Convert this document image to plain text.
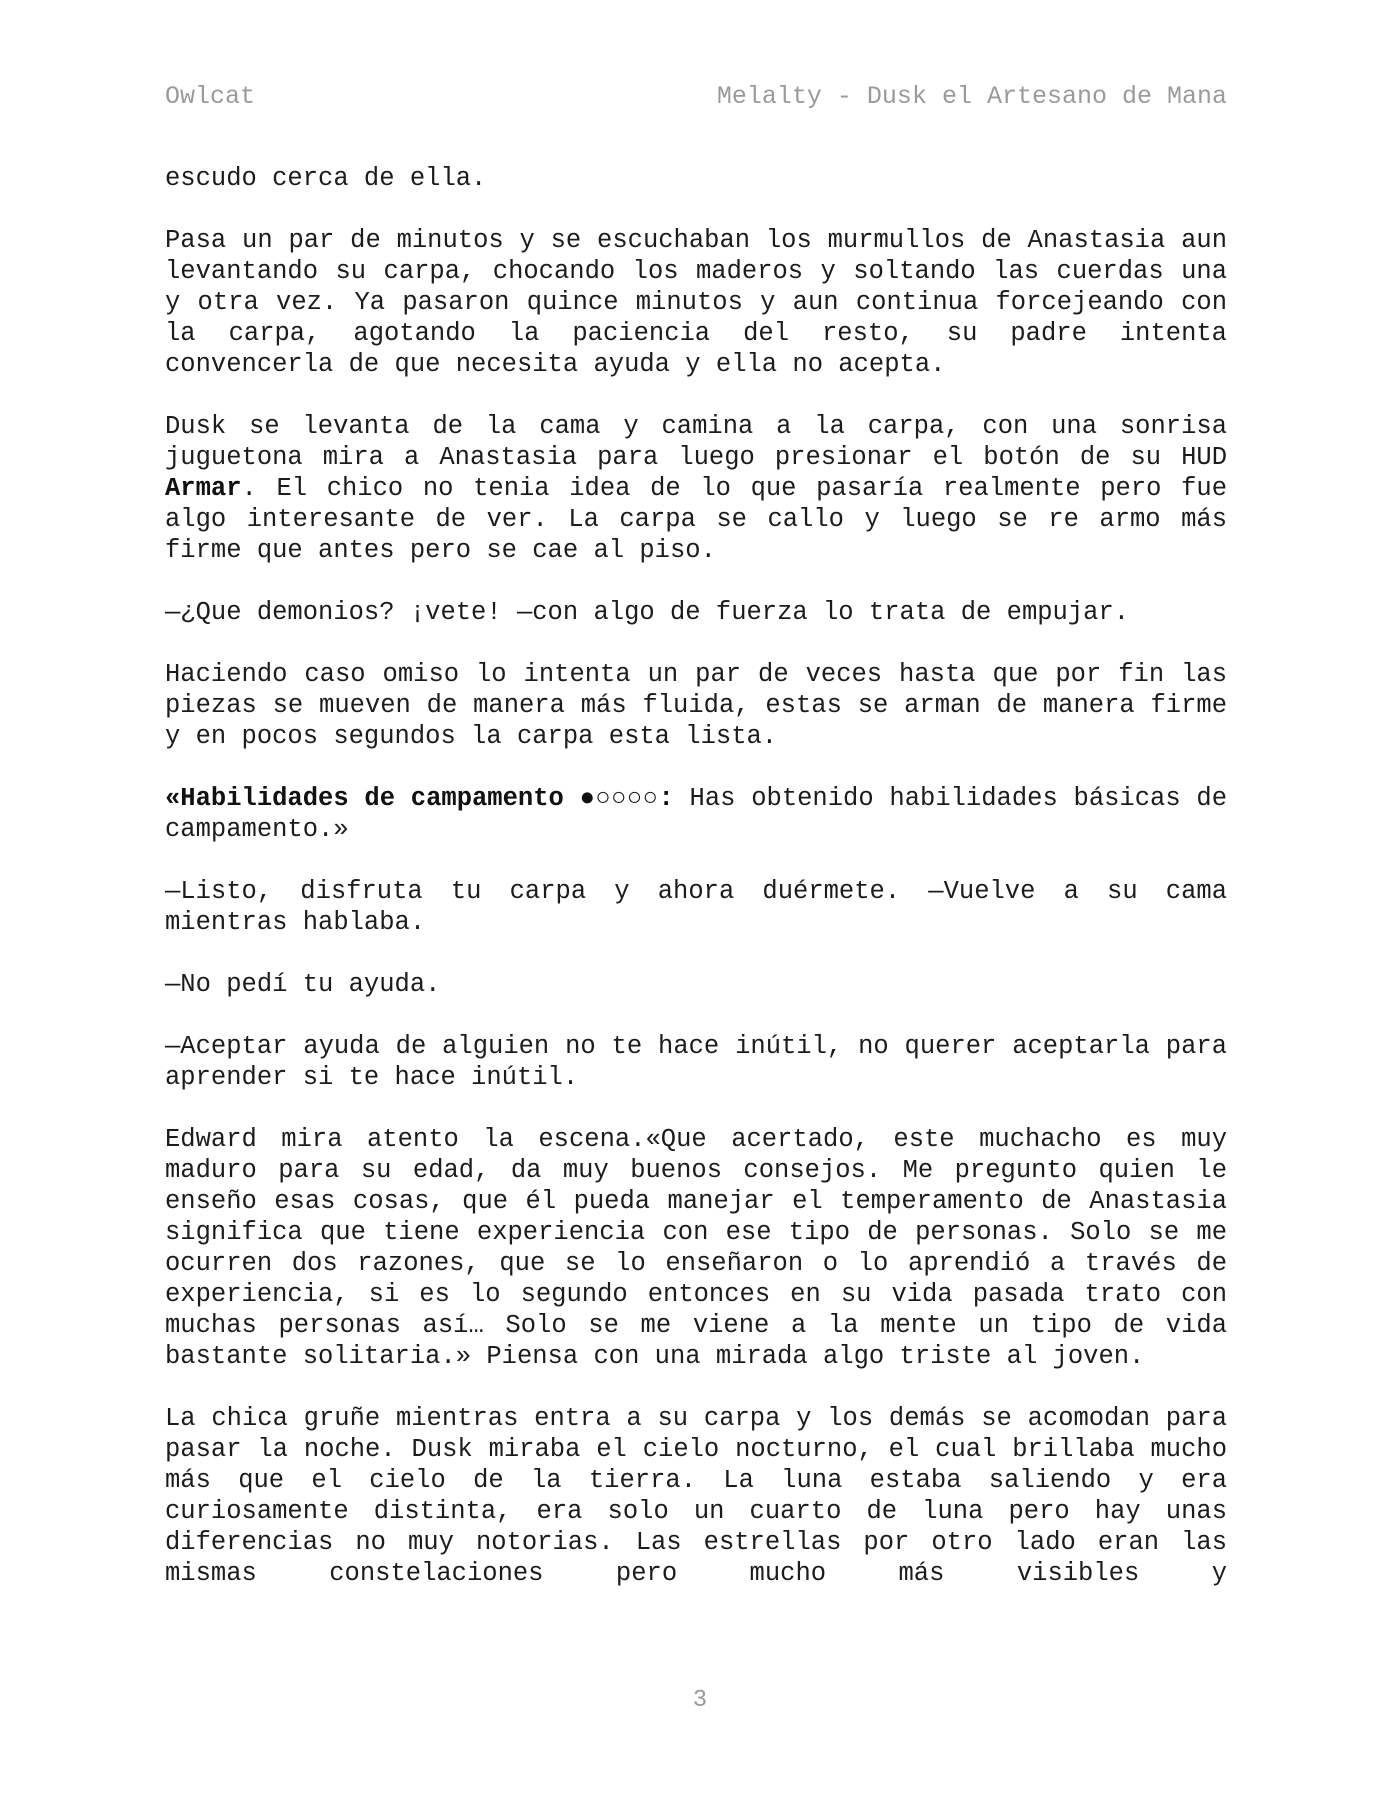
Owlcat	Melalty - Dusk el Artesano de Mana

escudo cerca de ella.

Pasa un par de minutos y se escuchaban los murmullos de Anastasia aun levantando su carpa, chocando los maderos y soltando las cuerdas una y otra vez. Ya pasaron quince minutos y aun continua forcejeando con la carpa, agotando la paciencia del resto, su padre intenta convencerla de que necesita ayuda y ella no acepta.

Dusk se levanta de la cama y camina a la carpa, con una sonrisa juguetona mira a Anastasia para luego presionar el botón de su HUD Armar. El chico no tenia idea de lo que pasaría realmente pero fue algo interesante de ver. La carpa se callo y luego se re armo más firme que antes pero se cae al piso.

—¿Que demonios? ¡vete! —con algo de fuerza lo trata de empujar.

Haciendo caso omiso lo intenta un par de veces hasta que por fin las piezas se mueven de manera más fluida, estas se arman de manera firme y en pocos segundos la carpa esta lista.

«Habilidades de campamento ●○○○○: Has obtenido habilidades básicas de campamento.»

—Listo, disfruta tu carpa y ahora duérmete. —Vuelve a su cama mientras hablaba.

—No pedí tu ayuda.

—Aceptar ayuda de alguien no te hace inútil, no querer aceptarla para aprender si te hace inútil.

Edward mira atento la escena.«Que acertado, este muchacho es muy maduro para su edad, da muy buenos consejos. Me pregunto quien le enseño esas cosas, que él pueda manejar el temperamento de Anastasia significa que tiene experiencia con ese tipo de personas. Solo se me ocurren dos razones, que se lo enseñaron o lo aprendió a través de experiencia, si es lo segundo entonces en su vida pasada trato con muchas personas así… Solo se me viene a la mente un tipo de vida bastante solitaria.» Piensa con una mirada algo triste al joven.

La chica gruñe mientras entra a su carpa y los demás se acomodan para pasar la noche. Dusk miraba el cielo nocturno, el cual brillaba mucho más que el cielo de la tierra. La luna estaba saliendo y era curiosamente distinta, era solo un cuarto de luna pero hay unas diferencias no muy notorias. Las estrellas por otro lado eran las mismas constelaciones pero mucho más visibles y

3
